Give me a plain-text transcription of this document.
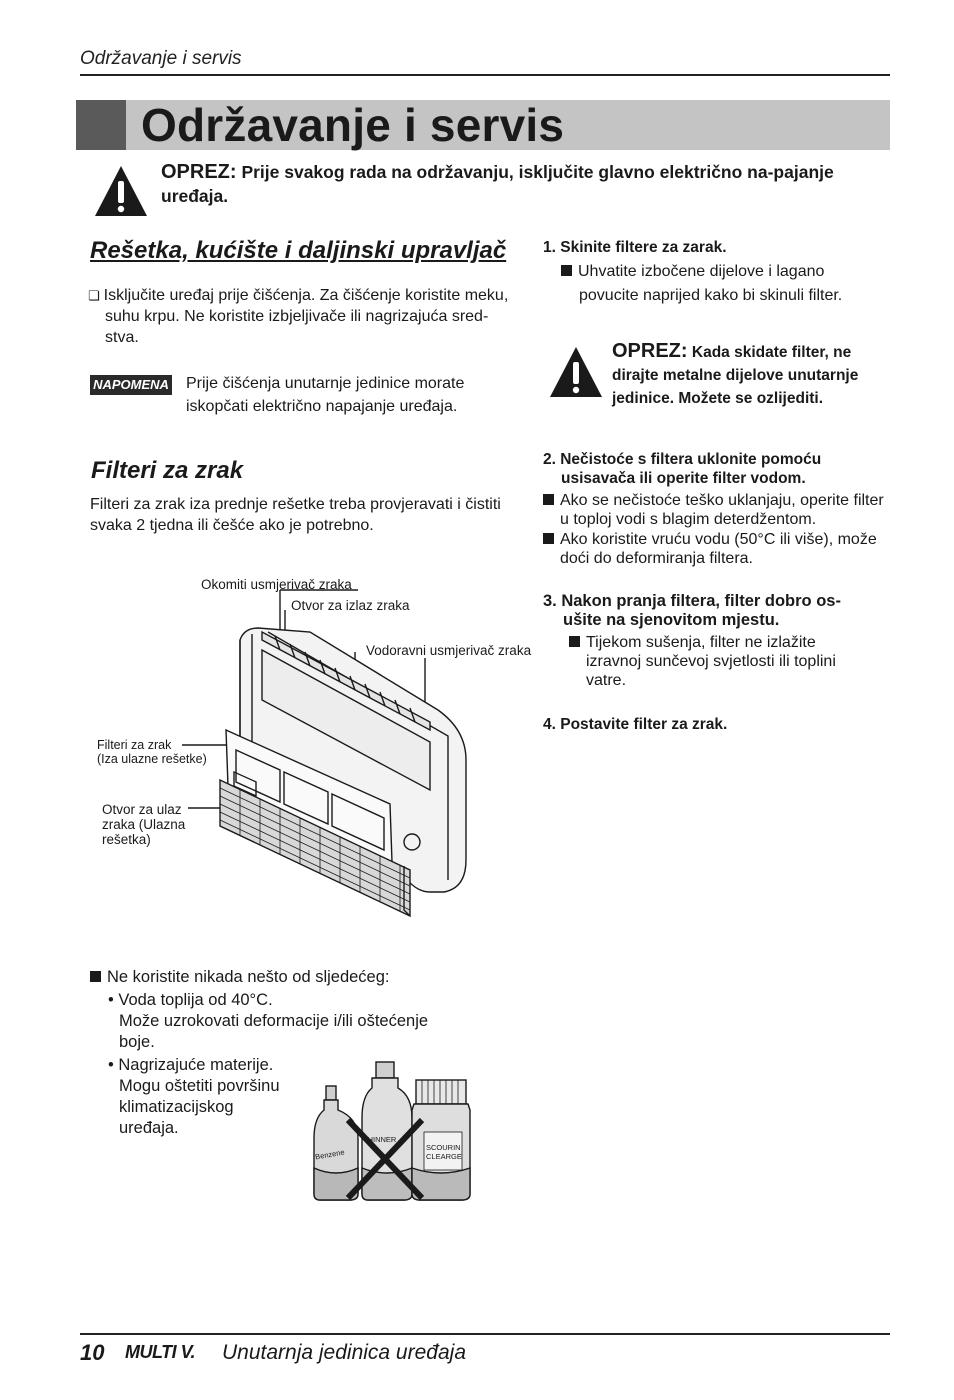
Održavanje i servis
Održavanje i servis
OPREZ: Prije svakog rada na održavanju, isključite glavno električno na-pajanje uređaja.
Rešetka, kućište i daljinski upravljač
❏ Isključite uređaj prije čišćenja. Za čišćenje koristite meku,
suhu krpu. Ne koristite izbjeljivače ili nagrizajuća sred-
stva.
NAPOMENA Prije čišćenja unutarnje jedinice morate
iskopčati električno napajanje uređaja.
Filteri za zrak
Filteri za zrak iza prednje rešetke treba provjeravati i čistiti
svaka 2 tjedna ili češće ako je potrebno.
Okomiti usmjerivač zraka
Otvor za izlaz zraka
Vodoravni usmjerivač zraka
Filteri za zrak
(Iza ulazne rešetke)
Otvor za ulaz
zraka (Ulazna
rešetka)
Ne koristite nikada nešto od sljedećeg:
• Voda toplija od 40°C.
Može uzrokovati deformacije i/ili oštećenje
boje.
• Nagrizajuće materije.
Mogu oštetiti površinu
klimatizacijskog
uređaja.
Benzene
THINNER
SCOURIN
CLEARGE
1. Skinite filtere za zarak.
Uhvatite izbočene dijelove i lagano
povucite naprijed kako bi skinuli filter.
OPREZ: Kada skidate filter, ne
dirajte metalne dijelove unutarnje
jedinice. Možete se ozlijediti.
2. Nečistoće s filtera uklonite pomoću
usisavača ili operite filter vodom.
Ako se nečistoće teško uklanjaju, operite filter
u toploj vodi s blagim deterdžentom.
Ako koristite vruću vodu (50°C ili više), može
doći do deformiranja filtera.
3. Nakon pranja filtera, filter dobro os-
ušite na sjenovitom mjestu.
Tijekom sušenja, filter ne izlažite
izravnoj sunčevoj svjetlosti ili toplini
vatre.
4. Postavite filter za zrak.
10 MULTI V. Unutarnja jedinica uređaja
